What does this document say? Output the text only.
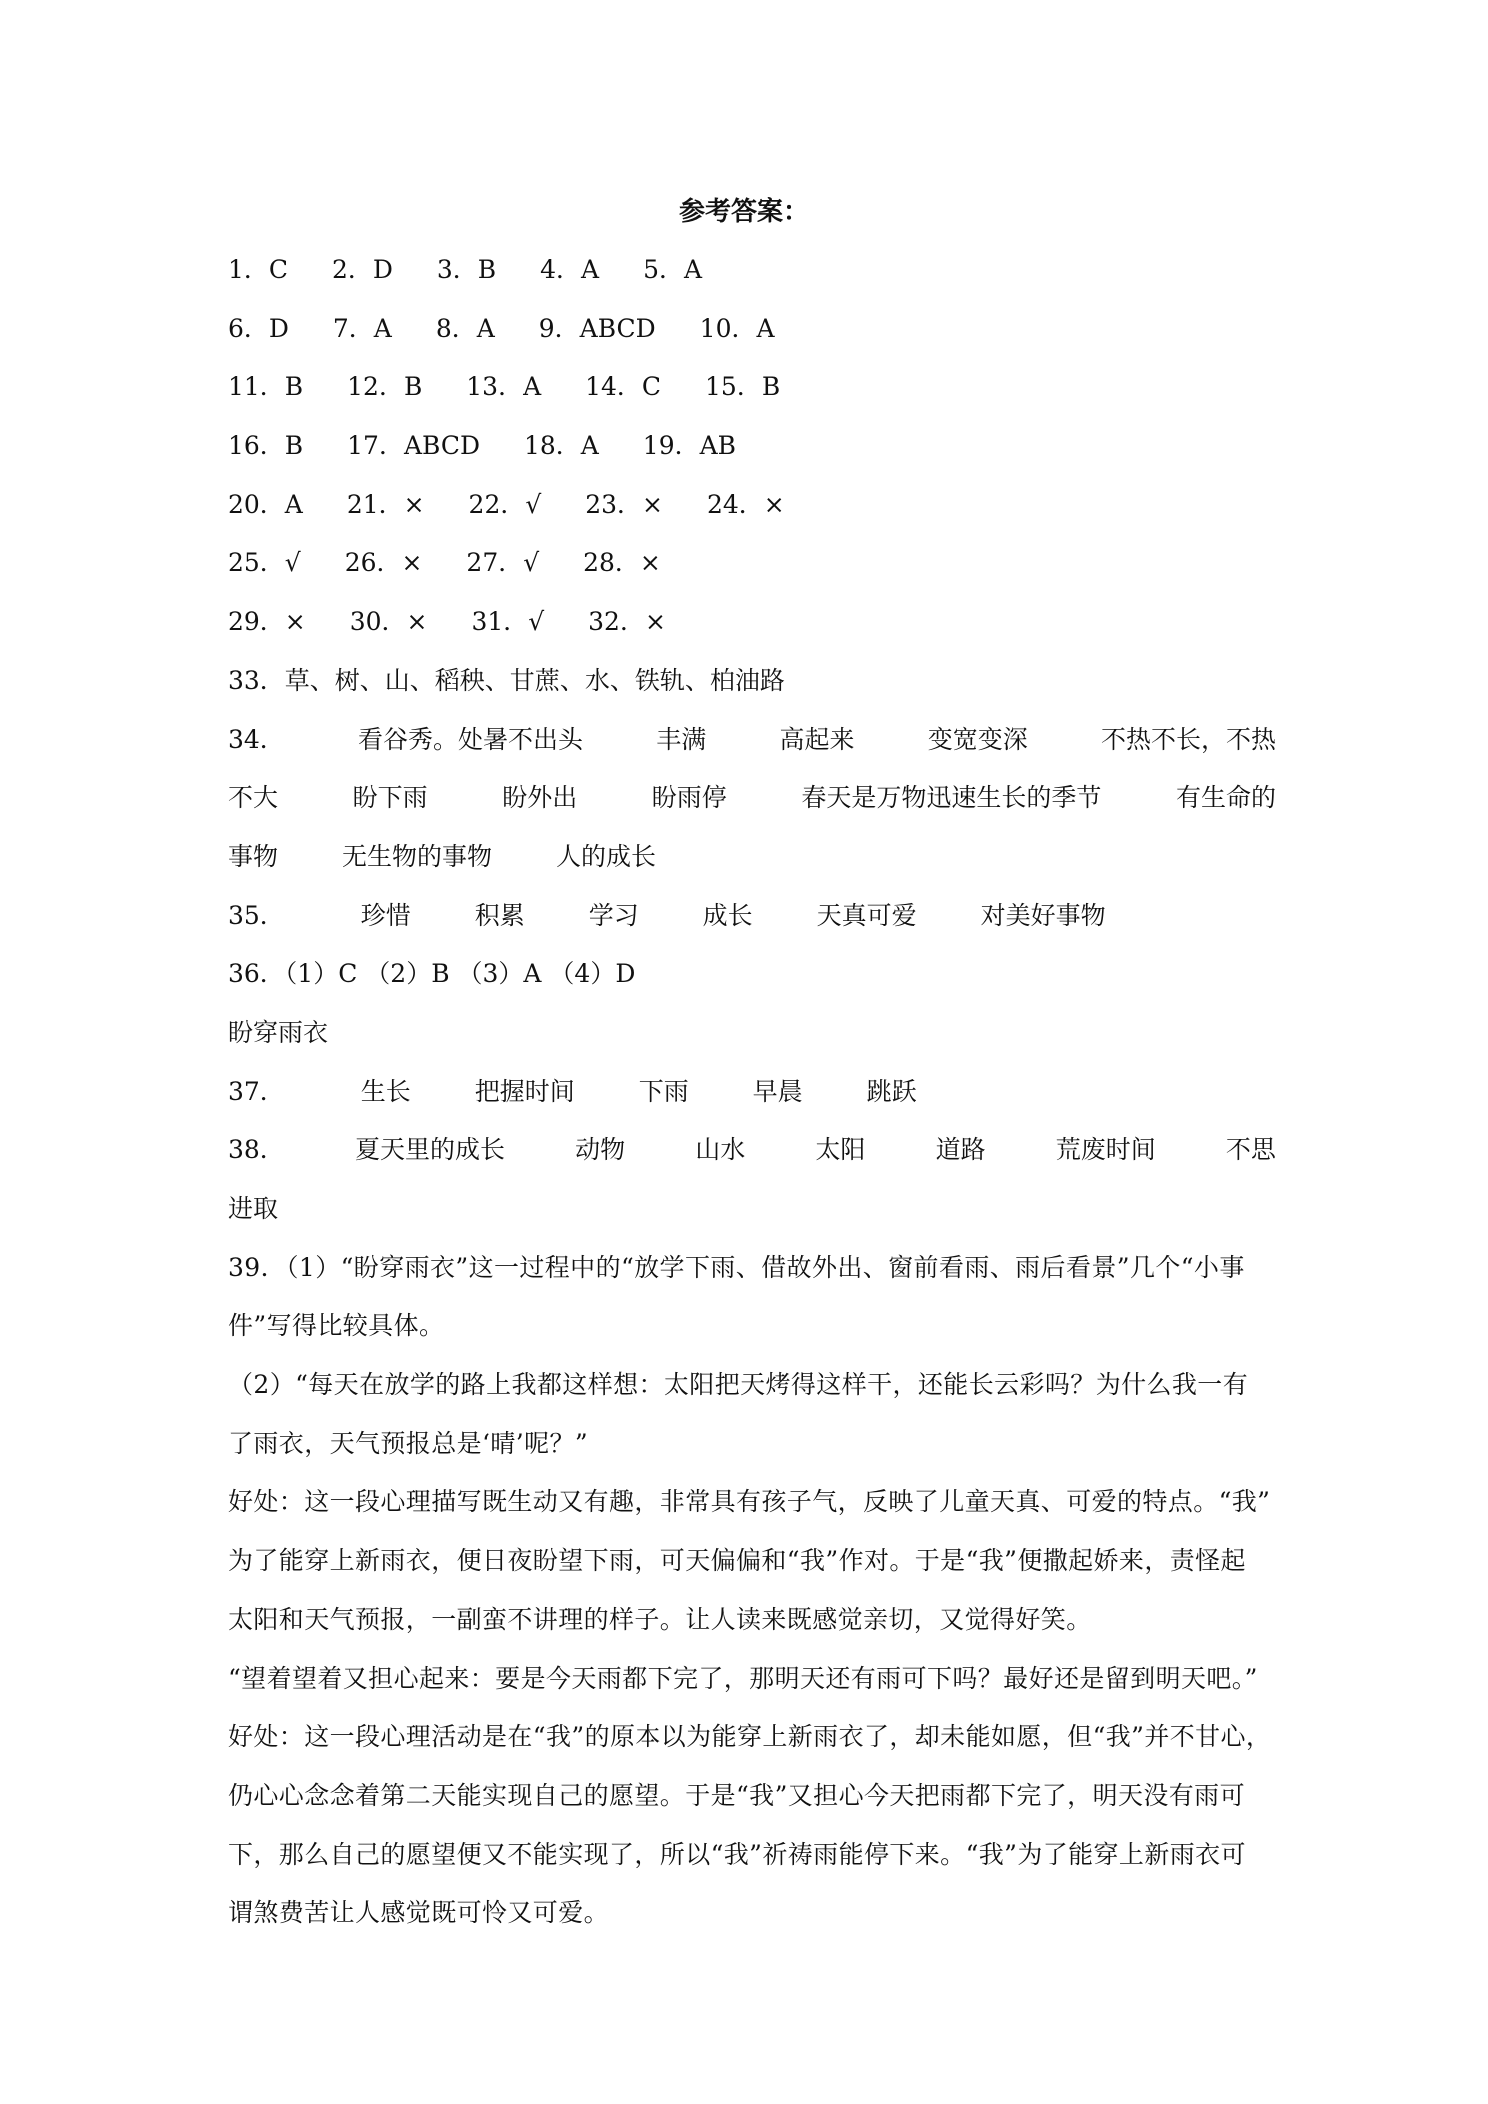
参考答案：
1．C 2．D 3．B 4．A 5．A
6．D 7．A 8．A 9．ABCD 10．A
11．B 12．B 13．A 14．C 15．B
16．B 17．ABCD 18．A 19．AB
20．A 21．× 22．√ 23．× 24．×
25．√ 26．× 27．√ 28．×
29．× 30．× 31．√ 32．×
33．草、树、山、稻秧、甘蔗、水、铁轨、柏油路
34．	看谷秀。处暑不出头	丰满	高起来	变宽变深	不热不长，不热
不大	盼下雨	盼外出	盼雨停	春天是万物迅速生长的季节	有生命的
事物	无生物的事物	人的成长
35．	珍惜	积累	学习	成长	天真可爱	对美好事物
36．（1）C （2）B （3）A （4）D
盼穿雨衣
37．	生长	把握时间	下雨	早晨	跳跃
38．	夏天里的成长	动物	山水	太阳	道路	荒废时间	不思
进取
39．（1）“盼穿雨衣”这一过程中的“放学下雨、借故外出、窗前看雨、雨后看景”几个“小事
件”写得比较具体。
（2）“每天在放学的路上我都这样想：太阳把天烤得这样干，还能长云彩吗？为什么我一有
了雨衣，天气预报总是‘晴’呢？”
好处：这一段心理描写既生动又有趣，非常具有孩子气，反映了儿童天真、可爱的特点。“我”
为了能穿上新雨衣，便日夜盼望下雨，可天偏偏和“我”作对。于是“我”便撒起娇来，责怪起
太阳和天气预报，一副蛮不讲理的样子。让人读来既感觉亲切，又觉得好笑。
“望着望着又担心起来：要是今天雨都下完了，那明天还有雨可下吗？最好还是留到明天吧。”
好处：这一段心理活动是在“我”的原本以为能穿上新雨衣了，却未能如愿，但“我”并不甘心，
仍心心念念着第二天能实现自己的愿望。于是“我”又担心今天把雨都下完了，明天没有雨可
下，那么自己的愿望便又不能实现了，所以“我”祈祷雨能停下来。“我”为了能穿上新雨衣可
谓煞费苦让人感觉既可怜又可爱。
